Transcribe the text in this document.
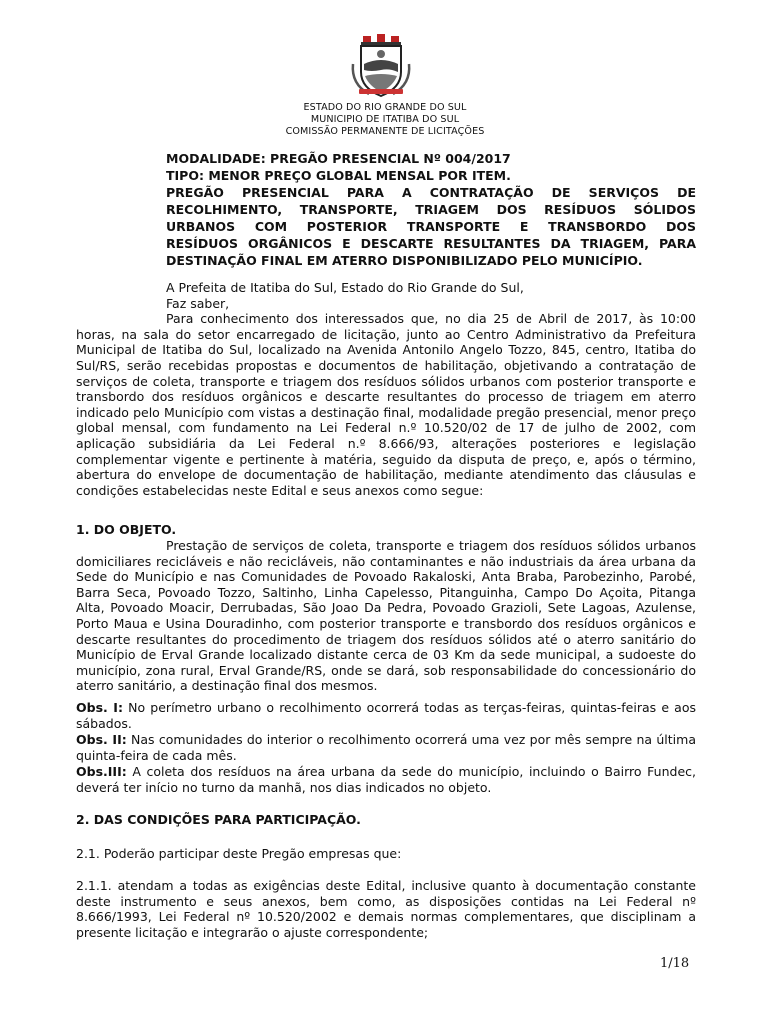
ESTADO DO RIO GRANDE DO SUL
MUNICIPIO DE ITATIBA DO SUL
COMISSÃO PERMANENTE DE LICITAÇÕES
MODALIDADE: PREGÃO PRESENCIAL Nº 004/2017
TIPO: MENOR PREÇO GLOBAL MENSAL POR ITEM.
PREGÃO PRESENCIAL PARA A CONTRATAÇÃO DE SERVIÇOS DE
RECOLHIMENTO, TRANSPORTE, TRIAGEM DOS RESÍDUOS SÓLIDOS
URBANOS COM POSTERIOR TRANSPORTE E TRANSBORDO DOS
RESÍDUOS ORGÂNICOS E DESCARTE RESULTANTES DA TRIAGEM, PARA
DESTINAÇÃO FINAL EM ATERRO DISPONIBILIZADO PELO MUNICÍPIO.

A Prefeita de Itatiba do Sul, Estado do Rio Grande do Sul,

Faz saber,

Para conhecimento dos interessados que, no dia 25 de Abril de 2017, às 10:00 horas, na sala do setor encarregado de licitação, junto ao Centro Administrativo da Prefeitura Municipal de Itatiba do Sul, localizado na Avenida Antonilo Angelo Tozzo, 845, centro, Itatiba do Sul/RS, serão recebidas propostas e documentos de habilitação, objetivando a contratação de serviços de coleta, transporte e triagem dos resíduos sólidos urbanos com posterior transporte e transbordo dos resíduos orgânicos e descarte resultantes do processo de triagem em aterro indicado pelo Município com vistas a destinação final, modalidade pregão presencial, menor preço global mensal, com fundamento na Lei Federal n.º 10.520/02 de 17 de julho de 2002, com aplicação subsidiária da Lei Federal n.º 8.666/93, alterações posteriores e legislação complementar vigente e pertinente à matéria, seguido da disputa de preço, e, após o término, abertura do envelope de documentação de habilitação, mediante atendimento das cláusulas e condições estabelecidas neste Edital e seus anexos como segue:

1. DO OBJETO.
Prestação de serviços de coleta, transporte e triagem dos resíduos sólidos urbanos domiciliares recicláveis e não recicláveis, não contaminantes e não industriais da área urbana da Sede do Município e nas Comunidades de Povoado Rakaloski, Anta Braba, Parobezinho, Parobé, Barra Seca, Povoado Tozzo, Saltinho, Linha Capelesso, Pitanguinha, Campo Do Açoita, Pitanga Alta, Povoado Moacir, Derrubadas, São Joao Da Pedra, Povoado Grazioli, Sete Lagoas, Azulense, Porto Maua e Usina Douradinho, com posterior transporte e transbordo dos resíduos orgânicos e descarte resultantes do procedimento de triagem dos resíduos sólidos até o aterro sanitário do Município de Erval Grande localizado distante cerca de 03 Km da sede municipal, a sudoeste do município, zona rural, Erval Grande/RS, onde se dará, sob responsabilidade do concessionário do aterro sanitário, a destinação final dos mesmos.
Obs. I: No perímetro urbano o recolhimento ocorrerá todas as terças-feiras, quintas-feiras e aos sábados.
Obs. II: Nas comunidades do interior o recolhimento ocorrerá uma vez por mês sempre na última quinta-feira de cada mês.
Obs.III: A coleta dos resíduos na área urbana da sede do município, incluindo o Bairro Fundec, deverá ter início no turno da manhã, nos dias indicados no objeto.
2. DAS CONDIÇÕES PARA PARTICIPAÇÃO.
2.1. Poderão participar deste Pregão empresas que:
2.1.1. atendam a todas as exigências deste Edital, inclusive quanto à documentação constante deste instrumento e seus anexos, bem como, as disposições contidas na Lei Federal nº 8.666/1993, Lei Federal nº 10.520/2002 e demais normas complementares, que disciplinam a presente licitação e integrarão o ajuste correspondente;
1/18
